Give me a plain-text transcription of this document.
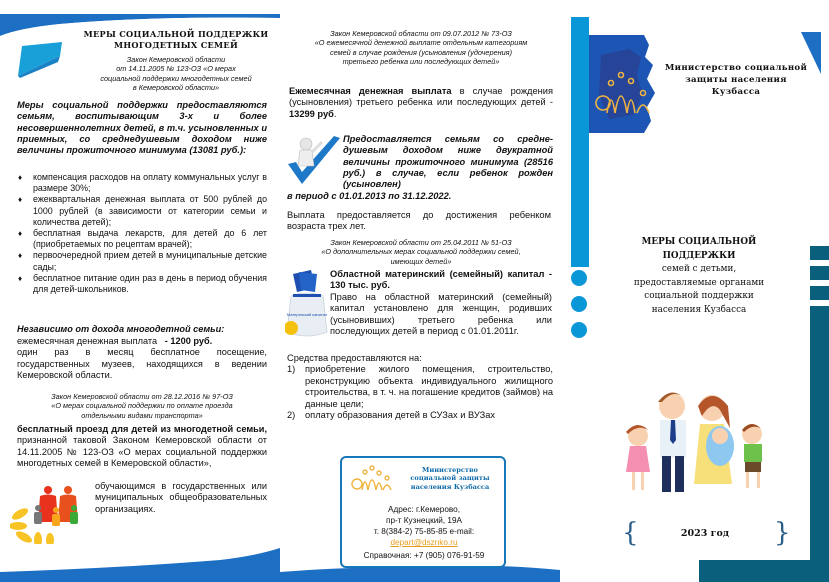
МЕРЫ СОЦИАЛЬНОЙ ПОДДЕРЖКИ
МНОГОДЕТНЫХ СЕМЕЙ
Закон Кемеровской области
от 14.11.2005 № 123-ОЗ «О мерах
социальной поддержки многодетных семей
в Кемеровской области»

Меры социальной поддержки предоставляются семьям, воспитывающим 3-х и более несовершеннолетних детей, в т.ч. усыновленных и приемных, со среднедушевым доходом ниже величины прожиточного минимума (13081 руб.):

♦ компенсация расходов на оплату коммунальных услуг в размере 30%;
♦ ежеквартальная денежная выплата от 500 рублей до 1000 рублей (в зависимости от категории семьи и количества детей);
♦ бесплатная выдача лекарств, для детей до 6 лет (приобретаемых по рецептам врачей);
♦ первоочередной прием детей в муниципальные детские сады;
♦ бесплатное питание один раз в день в период обучения для детей-школьников.
Независимо от дохода многодетной семьи:
ежемесячная денежная выплата - 1200 руб.
один раз в месяц бесплатное посещение, государственных музеев, находящихся в ведении Кемеровской области.
Закон Кемеровской области от 28.12.2016 № 97-ОЗ
«О мерах социальной поддержки по оплате проезда
отдельными видами транспорта»

бесплатный проезд для детей из многодетной семьи, признанной таковой Законом Кемеровской области от 14.11.2005 № 123-ОЗ «О мерах социальной поддержки многодетных семей в Кемеровской области»,

обучающимся в государственных или муниципальных общеобразовательных организациях.

Закон Кемеровской области от 09.07.2012 № 73-ОЗ
«О ежемесячной денежной выплате отдельным категориям
семей в случае рождения (усыновления (удочерения)
третьего ребенка или последующих детей»

Ежемесячная денежная выплата в случае рождения (усыновления) третьего ребенка или последующих детей - 13299 руб.

Предоставляется семьям со среднедушевым доходом ниже двукратной величины прожиточного минимума (28516 руб.) в случае, если ребенок рожден (усыновлен)

в период с 01.01.2013 по 31.12.2022.

Выплата предоставляется до достижения ребенком возраста трех лет.

Закон Кемеровской области от 25.04.2011 № 51-ОЗ
«О дополнительных мерах социальной поддержки семей,
имеющих детей»
Материнский капитал

Областной материнский (семейный) капитал - 130 тыс. руб.

Право на областной материнский (семейный) капитал установлено для женщин, родивших (усыновивших) третьего ребенка или последующих детей в период с 01.01.2011г.

Средства предоставляются на:
1) приобретение жилого помещения, строительство, реконструкцию объекта индивидуального жилищного строительства, в т. ч. на погашение кредитов (займов) на данные цели;
2) оплату образования детей в СУЗах и ВУЗах
Министерство
социальной защиты
населения Кузбасса
Адрес: г.Кемерово,
пр-т Кузнецкий, 19А
т. 8(384-2) 75-85-85 e-mail:
depart@dsznko.ru
Справочная: +7 (905) 076-91-59
Министерство социальной
защиты населения
Кузбасса
МЕРЫ СОЦИАЛЬНОЙ ПОДДЕРЖКИ
семей с детьми,
предоставляемые органами
социальной поддержки
населения Кузбасса
{	2023 год	}
